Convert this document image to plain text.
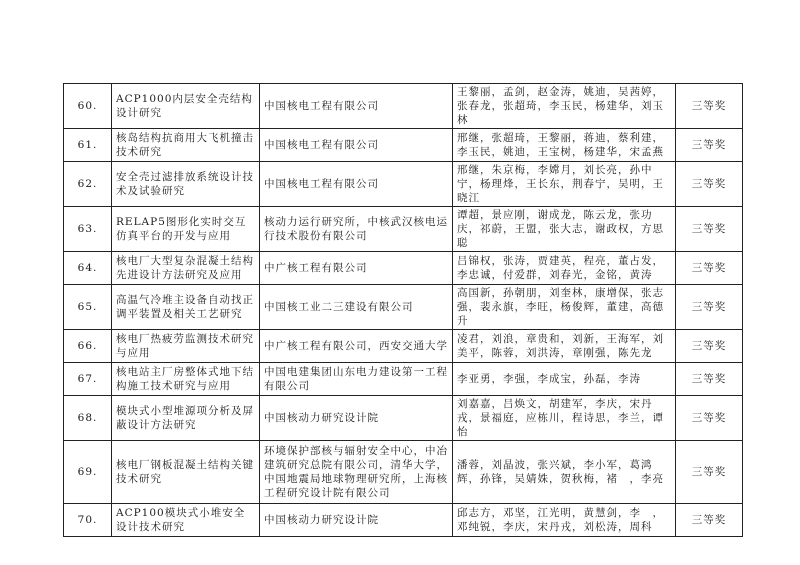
60.	ACP1000内层安全壳结构设计研究	中国核电工程有限公司	王黎丽，孟剑，赵金涛，姚迪，吴茜婷，张春龙，张超琦，李玉民，杨建华，刘玉林	三等奖
61.	核岛结构抗商用大飞机撞击技术研究	中国核电工程有限公司	邢继，张超琦，王黎丽，蒋迪，蔡利建，李玉民，姚迪，王宝树，杨建华，宋孟燕	三等奖
62.	安全壳过滤排放系统设计技术及试验研究	中国核电工程有限公司	邢继，朱京梅，李嫦月，刘长亮，孙中宁，杨理烽，王长东，荆春宁，吴明，王晓江	三等奖
63.	RELAP5图形化实时交互仿真平台的开发与应用	核动力运行研究所，中核武汉核电运行技术股份有限公司	谭超，景应刚，谢成龙，陈云龙，张功庆，祁蔚，王盟，张大志，谢政权，方思聪	三等奖
64.	核电厂大型复杂混凝土结构先进设计方法研究及应用	中广核工程有限公司	吕锦权，张涛，贾建英，程亮，董占发，李忠诚，付爱群，刘春光，金铭，黄涛	三等奖
65.	高温气冷堆主设备自动找正调平装置及相关工艺研究	中国核工业二三建设有限公司	高国新，孙朝朋，刘奎林，康增保，张志强，裴永旗，李旺，杨俊辉，董建，高德升	三等奖
66.	核电厂热疲劳监测技术研究与应用	中广核工程有限公司，西安交通大学	凌君，刘浪，章贵和，刘新，王海军，刘美平，陈蓉，刘洪涛，章刚强，陈先龙	三等奖
67.	核电站主厂房整体式地下结构施工技术研究与应用	中国电建集团山东电力建设第一工程有限公司	李亚勇，李强，李成宝，孙磊，李涛	三等奖
68.	模块式小型堆源项分析及屏蔽设计方法研究	中国核动力研究设计院	刘嘉嘉，吕焕文，胡建军，李庆，宋丹戎，景福庭，应栋川，程诗思，李兰，谭怡	三等奖
69.	核电厂钢板混凝土结构关键技术研究	环境保护部核与辐射安全中心，中冶建筑研究总院有限公司，清华大学，中国地震局地球物理研究所，上海核工程研究设计院有限公司	潘蓉，刘晶波，张兴斌，李小军，葛鸿辉，孙锋，吴婧姝，贺秋梅，褚　，李亮	三等奖
70.	ACP100模块式小堆安全设计技术研究	中国核动力研究设计院	邱志方，邓坚，江光明，黄慧剑，李　，邓纯锐，李庆，宋丹戎，刘松涛，周科	三等奖
